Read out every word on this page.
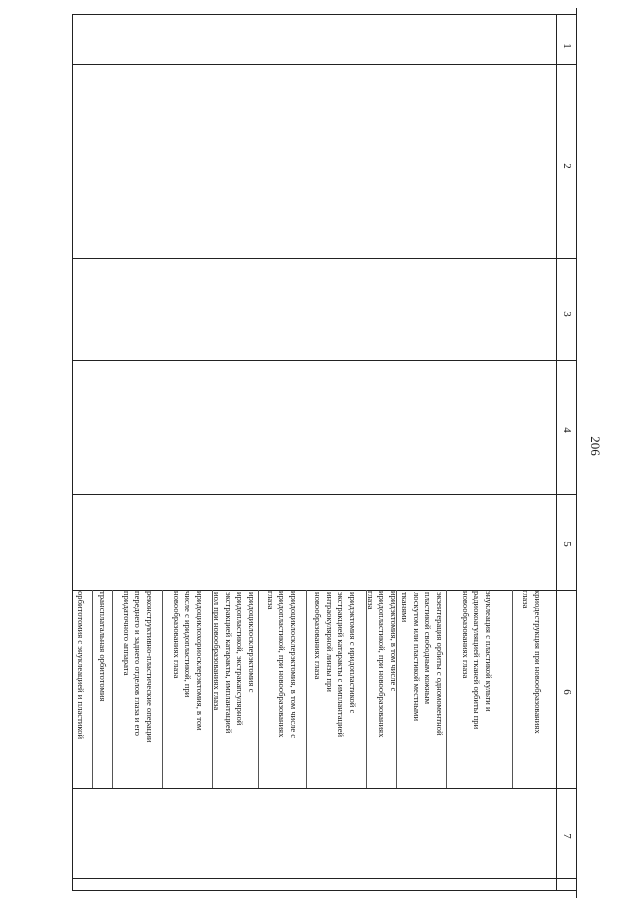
206
1
2
3
4
5
6
7
криодеструкция при новообразованиях
глаза
энуклеация с пластикой культи и
радиокоагуляцией тканей орбиты при
новообразованиях глаза
экзентерация орбиты с одномоментной
пластикой свободным кожным
лоскутом или пластикой местными
тканями
иридэктомия, в том числе с
иридопластикой, при новообразованиях
глаза
иридэктомия с иридопластикой с
экстракцией катаракты с имплантацией
интраокулярной линзы при
новообразованиях глаза
иридоциклосклерэктомия, в том числе с
иридопластикой, при новообразованиях
глаза
иридоциклосклерэктомия с
иридопластикой, экстракапсулярной
экстракцией катаракты, имплантацией
иол при новообразованиях глаза
иридоциклохориосклерэктомия, в том
числе с иридопластикой, при
новообразованиях глаза
реконструктивно-пластические операции
переднего и заднего отделов глаза и его
придаточного аппарата
трансплатальная орбитотомия
орбитотомия с энуклеацией и пластикой
